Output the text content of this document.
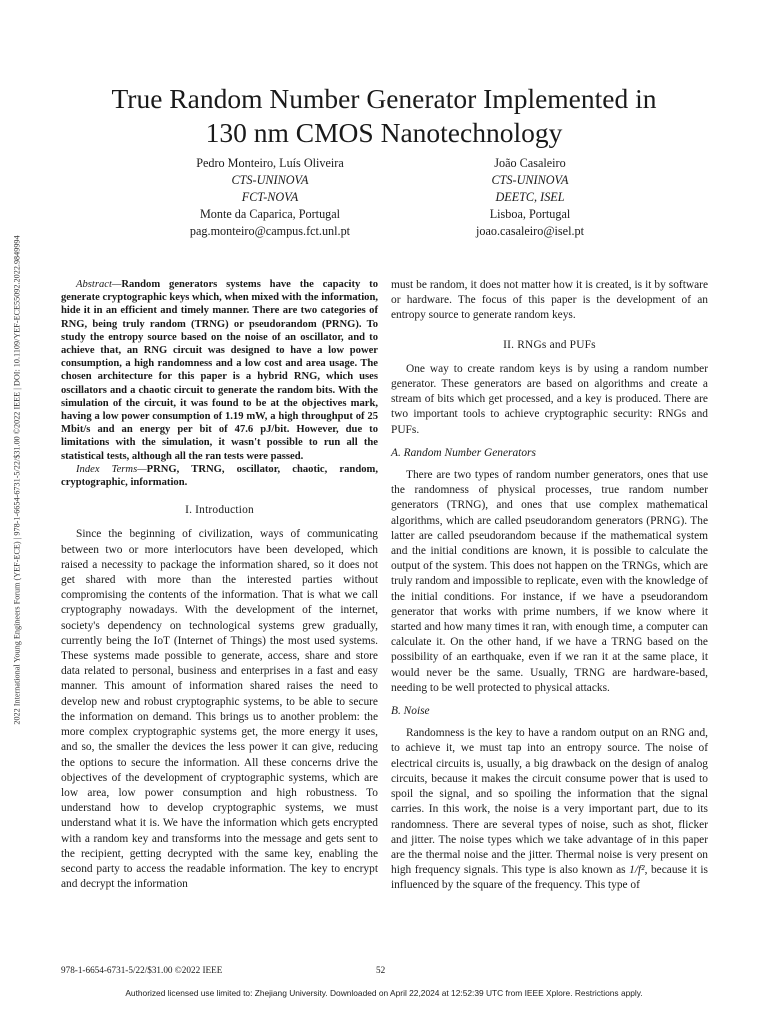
2022 International Young Engineers Forum (YEF-ECE) | 978-1-6654-6731-5/22/$31.00 ©2022 IEEE | DOI: 10.1109/YEF-ECE55092.2022.9849994
True Random Number Generator Implemented in
130 nm CMOS Nanotechnology
Pedro Monteiro, Luís Oliveira
CTS-UNINOVA
FCT-NOVA
Monte da Caparica, Portugal
pag.monteiro@campus.fct.unl.pt
João Casaleiro
CTS-UNINOVA
DEETC, ISEL
Lisboa, Portugal
joao.casaleiro@isel.pt

Abstract—Random generators systems have the capacity to generate cryptographic keys which, when mixed with the information, hide it in an efficient and timely manner. There are two categories of RNG, being truly random (TRNG) or pseudorandom (PRNG). To study the entropy source based on the noise of an oscillator, and to achieve that, an RNG circuit was designed to have a low power consumption, a high randomness and a low cost and area usage. The chosen architecture for this paper is a hybrid RNG, which uses oscillators and a chaotic circuit to generate the random bits. With the simulation of the circuit, it was found to be at the objectives mark, having a low power consumption of 1.19 mW, a high throughput of 25 Mbit/s and an energy per bit of 47.6 pJ/bit. However, due to limitations with the simulation, it wasn't possible to run all the statistical tests, although all the ran tests were passed.

Index Terms—PRNG, TRNG, oscillator, chaotic, random, cryptographic, information.

I. Introduction

Since the beginning of civilization, ways of communicating between two or more interlocutors have been developed, which raised a necessity to package the information shared, so it does not get shared with more than the interested parties without compromising the contents of the information. That is what we call cryptography nowadays. With the development of the internet, society's dependency on technological systems grew gradually, currently being the IoT (Internet of Things) the most used systems. These systems made possible to generate, access, share and store data related to personal, business and enterprises in a fast and easy manner. This amount of information shared raises the need to develop new and robust cryptographic systems, to be able to secure the information on demand. This brings us to another problem: the more complex cryptographic systems get, the more energy it uses, and so, the smaller the devices the less power it can give, reducing the options to secure the information. All these concerns drive the objectives of the development of cryptographic systems, which are low area, low power consumption and high robustness. To understand how to develop cryptographic systems, we must understand what it is. We have the information which gets encrypted with a random key and transforms into the message and gets sent to the recipient, getting decrypted with the same key, enabling the second party to access the readable information. The key to encrypt and decrypt the information

must be random, it does not matter how it is created, is it by software or hardware. The focus of this paper is the development of an entropy source to generate random keys.

II. RNGs and PUFs

One way to create random keys is by using a random number generator. These generators are based on algorithms and create a stream of bits which get processed, and a key is produced. There are two important tools to achieve cryptographic security: RNGs and PUFs.

A. Random Number Generators

There are two types of random number generators, ones that use the randomness of physical processes, true random number generators (TRNG), and ones that use complex mathematical algorithms, which are called pseudorandom generators (PRNG). The latter are called pseudorandom because if the mathematical system and the initial conditions are known, it is possible to calculate the output of the system. This does not happen on the TRNGs, which are truly random and impossible to replicate, even with the knowledge of the initial conditions. For instance, if we have a pseudorandom generator that works with prime numbers, if we know where it started and how many times it ran, with enough time, a computer can calculate it. On the other hand, if we have a TRNG based on the possibility of an earthquake, even if we ran it at the same place, it would never be the same. Usually, TRNG are hardware-based, needing to be well protected to physical attacks.

B. Noise

Randomness is the key to have a random output on an RNG and, to achieve it, we must tap into an entropy source. The noise of electrical circuits is, usually, a big drawback on the design of analog circuits, because it makes the circuit consume power that is used to spoil the signal, and so spoiling the information that the signal carries. In this work, the noise is a very important part, due to its randomness. There are several types of noise, such as shot, flicker and jitter. The noise types which we take advantage of in this paper are the thermal noise and the jitter. Thermal noise is very present on high frequency signals. This type is also known as 1/f², because it is influenced by the square of the frequency. This type of

978-1-6654-6731-5/22/$31.00 ©2022 IEEE	52
Authorized licensed use limited to: Zhejiang University. Downloaded on April 22,2024 at 12:52:39 UTC from IEEE Xplore. Restrictions apply.
